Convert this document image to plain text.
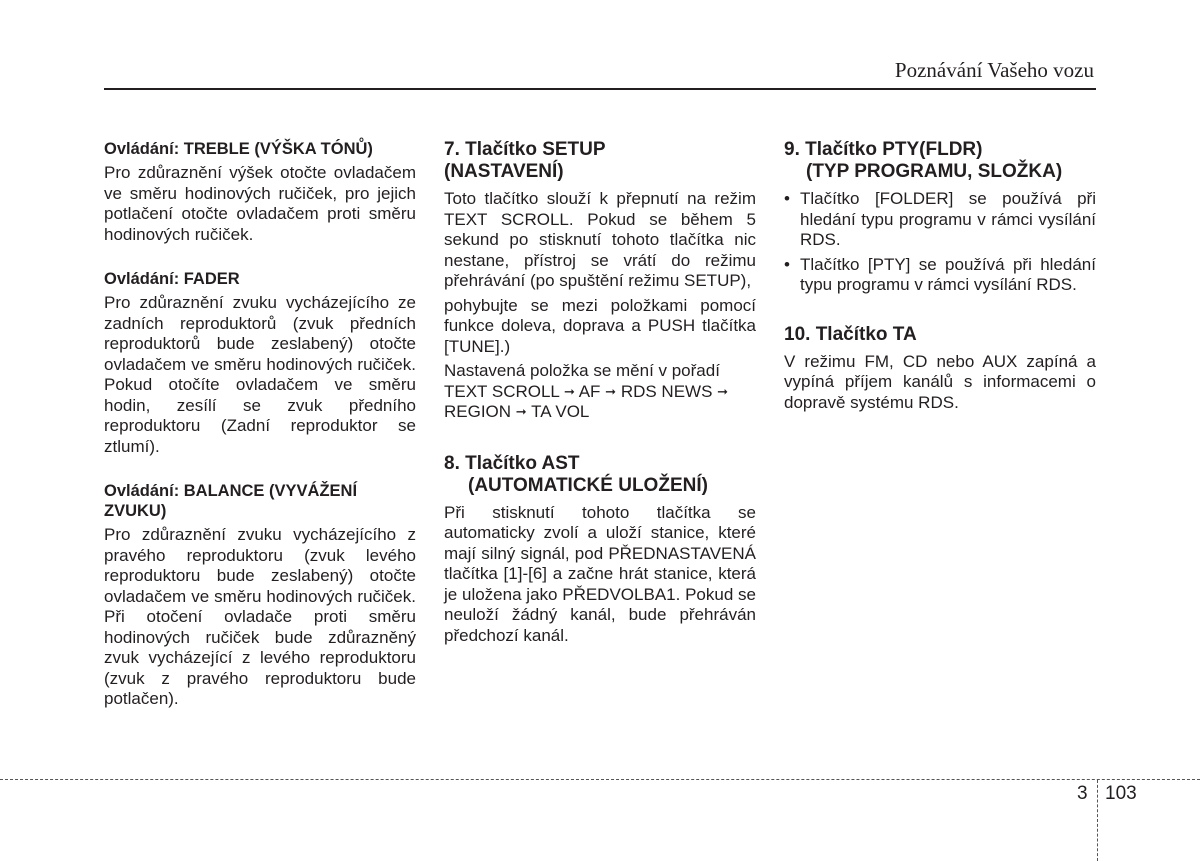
Poznávání Vašeho vozu
Ovládání: TREBLE (VÝŠKA TÓNŮ)

Pro zdůraznění výšek otočte ovladačem ve směru hodinových ručiček, pro jejich potlačení otočte ovladačem proti směru hodinových ručiček.

Ovládání: FADER

Pro zdůraznění zvuku vycházejícího ze zadních reproduktorů (zvuk předních reproduktorů bude zeslabený) otočte ovladačem ve směru hodinových ručiček. Pokud otočíte ovladačem ve směru hodin, zesílí se zvuk předního reproduktoru (Zadní reproduktor se ztlumí).

Ovládání: BALANCE (VYVÁŽENÍ ZVUKU)

Pro zdůraznění zvuku vycházejícího z pravého reproduktoru (zvuk levého reproduktoru bude zeslabený) otočte ovladačem ve směru hodinových ručiček. Při otočení ovladače proti směru hodinových ručiček bude zdůrazněný zvuk vycházející z levého reproduktoru (zvuk z pravého reproduktoru bude potlačen).

7. Tlačítko SETUP
(NASTAVENÍ)

Toto tlačítko slouží k přepnutí na režim TEXT SCROLL. Pokud se během 5 sekund po stisknutí tohoto tlačítka nic nestane, přístroj se vrátí do režimu přehrávání (po spuštění režimu SETUP),

pohybujte se mezi položkami pomocí funkce doleva, doprava a PUSH tlačítka [TUNE].)

Nastavená položka se mění v pořadí

TEXT SCROLL ➞ AF ➞ RDS NEWS ➞ REGION ➞ TA VOL

8. Tlačítko AST
(AUTOMATICKÉ ULOŽENÍ)

Při stisknutí tohoto tlačítka se automaticky zvolí a uloží stanice, které mají silný signál, pod PŘEDNASTAVENÁ tlačítka [1]-[6] a začne hrát stanice, která je uložena jako PŘEDVOLBA1. Pokud se neuloží žádný kanál, bude přehráván předchozí kanál.

9. Tlačítko PTY(FLDR)
(TYP PROGRAMU, SLOŽKA)
• Tlačítko [FOLDER] se používá při hledání typu programu v rámci vysílání RDS.
• Tlačítko [PTY] se používá při hledání typu programu v rámci vysílání RDS.
10. Tlačítko TA

V režimu FM, CD nebo AUX zapíná a vypíná příjem kanálů s informacemi o dopravě systému RDS.

3 103
